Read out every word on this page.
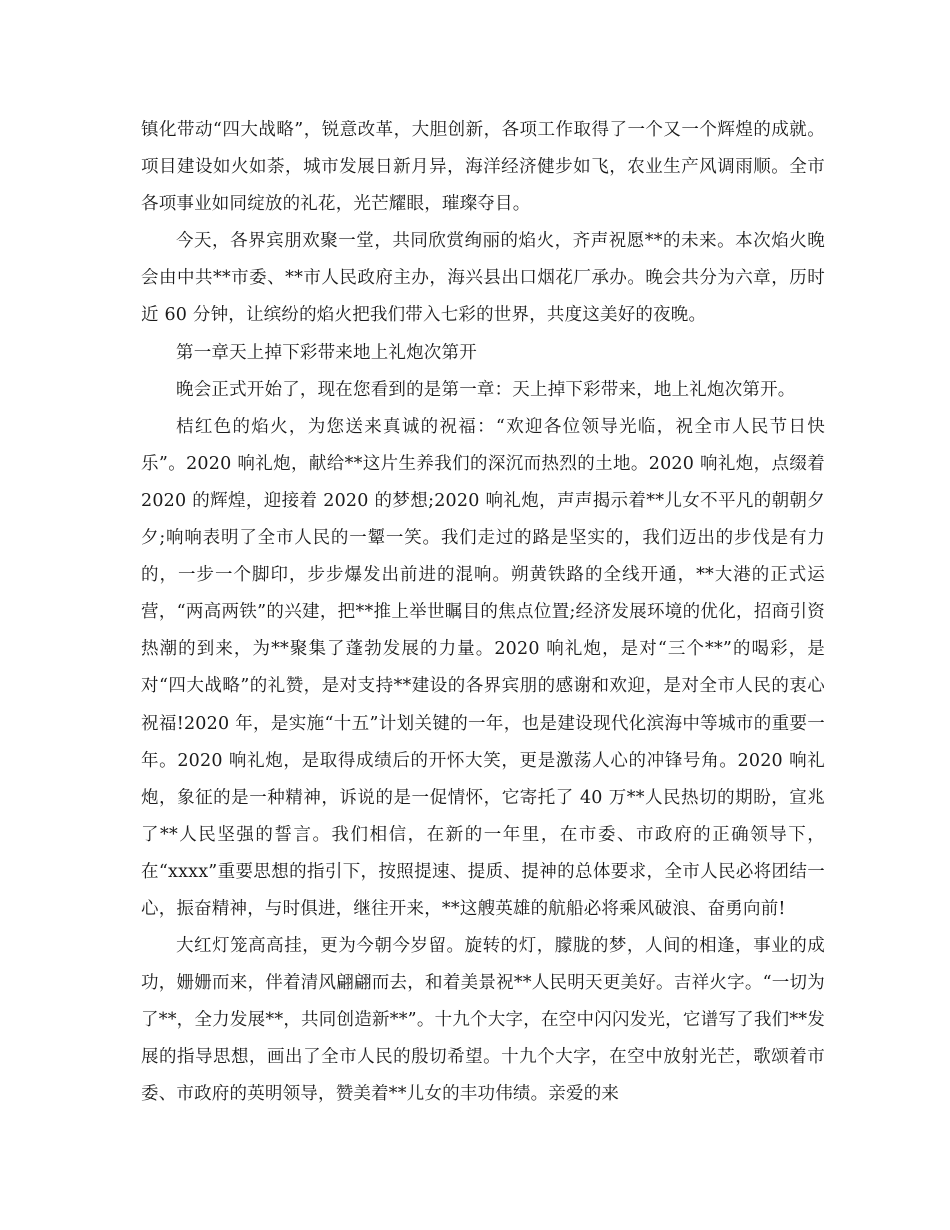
镇化带动“四大战略”，锐意改革，大胆创新，各项工作取得了一个又一个辉煌的成就。项目建设如火如荼，城市发展日新月异，海洋经济健步如飞，农业生产风调雨顺。全市各项事业如同绽放的礼花，光芒耀眼，璀璨夺目。

今天，各界宾朋欢聚一堂，共同欣赏绚丽的焰火，齐声祝愿**的未来。本次焰火晚会由中共**市委、**市人民政府主办，海兴县出口烟花厂承办。晚会共分为六章，历时近 60 分钟，让缤纷的焰火把我们带入七彩的世界，共度这美好的夜晚。

第一章天上掉下彩带来地上礼炮次第开

晚会正式开始了，现在您看到的是第一章：天上掉下彩带来，地上礼炮次第开。

桔红色的焰火，为您送来真诚的祝福：“欢迎各位领导光临，祝全市人民节日快乐”。2020 响礼炮，献给**这片生养我们的深沉而热烈的土地。2020 响礼炮，点缀着 2020 的辉煌，迎接着 2020 的梦想;2020 响礼炮，声声揭示着**儿女不平凡的朝朝夕夕;响响表明了全市人民的一颦一笑。我们走过的路是坚实的，我们迈出的步伐是有力的，一步一个脚印，步步爆发出前进的混响。朔黄铁路的全线开通，**大港的正式运营，“两高两铁”的兴建，把**推上举世瞩目的焦点位置;经济发展环境的优化，招商引资热潮的到来，为**聚集了蓬勃发展的力量。2020 响礼炮，是对“三个**”的喝彩，是对“四大战略”的礼赞，是对支持**建设的各界宾朋的感谢和欢迎，是对全市人民的衷心祝福!2020 年，是实施“十五”计划关键的一年，也是建设现代化滨海中等城市的重要一年。2020 响礼炮，是取得成绩后的开怀大笑，更是激荡人心的冲锋号角。2020 响礼炮，象征的是一种精神，诉说的是一促情怀，它寄托了 40 万**人民热切的期盼，宣兆了**人民坚强的誓言。我们相信，在新的一年里，在市委、市政府的正确领导下，在“xxxx”重要思想的指引下，按照提速、提质、提神的总体要求，全市人民必将团结一心，振奋精神，与时俱进，继往开来，**这艘英雄的航船必将乘风破浪、奋勇向前!

大红灯笼高高挂，更为今朝今岁留。旋转的灯，朦胧的梦，人间的相逢，事业的成功，姗姗而来，伴着清风翩翩而去，和着美景祝**人民明天更美好。吉祥火字。“一切为了**，全力发展**，共同创造新**”。十九个大字，在空中闪闪发光，它谱写了我们**发展的指导思想，画出了全市人民的殷切希望。十九个大字，在空中放射光芒，歌颂着市委、市政府的英明领导，赞美着**儿女的丰功伟绩。亲爱的来
